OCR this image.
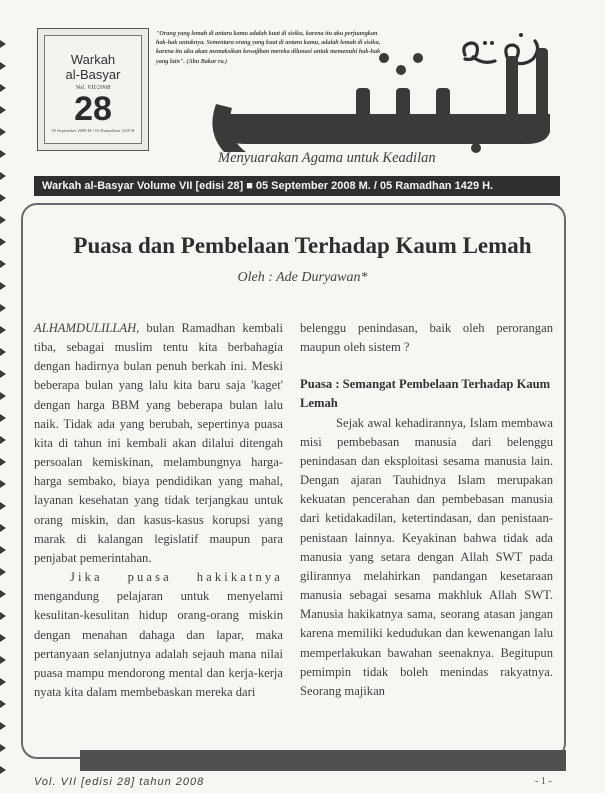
Warkah
al-Basyar
Vol. VII/2008
28
05 September 2008 M / 05 Ramadhan 1429 H
"Orang yang lemah di antara kamu adalah kuat di sisiku, karena itu aku perjuangkan hak-hak untuknya. Sementara orang yang kuat di antara kamu, adalah lemah di sisiku, karena itu aku akan memaksikan kewajiban mereka dilunasi untuk memenuhi hak-hak yang lain". (Abu Bakar ra.)
Menyuarakan Agama untuk Keadilan
Warkah al-Basyar Volume VII [edisi 28] ■ 05 September 2008 M. / 05 Ramadhan 1429 H.
Puasa dan Pembelaan Terhadap Kaum Lemah
Oleh : Ade Duryawan*

ALHAMDULILLAH, bulan Ramadhan kembali tiba, sebagai muslim tentu kita berbahagia dengan hadirnya bulan penuh berkah ini. Meski beberapa bulan yang lalu kita baru saja 'kaget' dengan harga BBM yang beberapa bulan lalu naik. Tidak ada yang berubah, sepertinya puasa kita di tahun ini kembali akan dilalui ditengah persoalan kemiskinan, melambungnya harga-harga sembako, biaya pendidikan yang mahal, layanan kesehatan yang tidak terjangkau untuk orang miskin, dan kasus-kasus korupsi yang marak di kalangan legislatif maupun para penjabat pemerintahan.

Jika puasa hakikatnya mengandung pelajaran untuk menyelami kesulitan-kesulitan hidup orang-orang miskin dengan menahan dahaga dan lapar, maka pertanyaan selanjutnya adalah sejauh mana nilai puasa mampu mendorong mental dan kerja-kerja nyata kita dalam membebaskan mereka dari

belenggu penindasan, baik oleh perorangan maupun oleh sistem ?

Puasa : Semangat Pembelaan Terhadap Kaum Lemah

Sejak awal kehadirannya, Islam membawa misi pembebasan manusia dari belenggu penindasan dan eksploitasi sesama manusia lain. Dengan ajaran Tauhidnya Islam merupakan kekuatan pencerahan dan pembebasan manusia dari ketidakadilan, ketertindasan, dan penistaan-penistaan lainnya. Keyakinan bahwa tidak ada manusia yang setara dengan Allah SWT pada gilirannya melahirkan pandangan kesetaraan manusia sebagai sesama makhluk Allah SWT. Manusia hakikatnya sama, seorang atasan jangan karena memiliki kedudukan dan kewenangan lalu memperlakukan bawahan seenaknya. Begitupun pemimpin tidak boleh menindas rakyatnya. Seorang majikan

Vol. VII [edisi 28] tahun 2008	- 1 -
